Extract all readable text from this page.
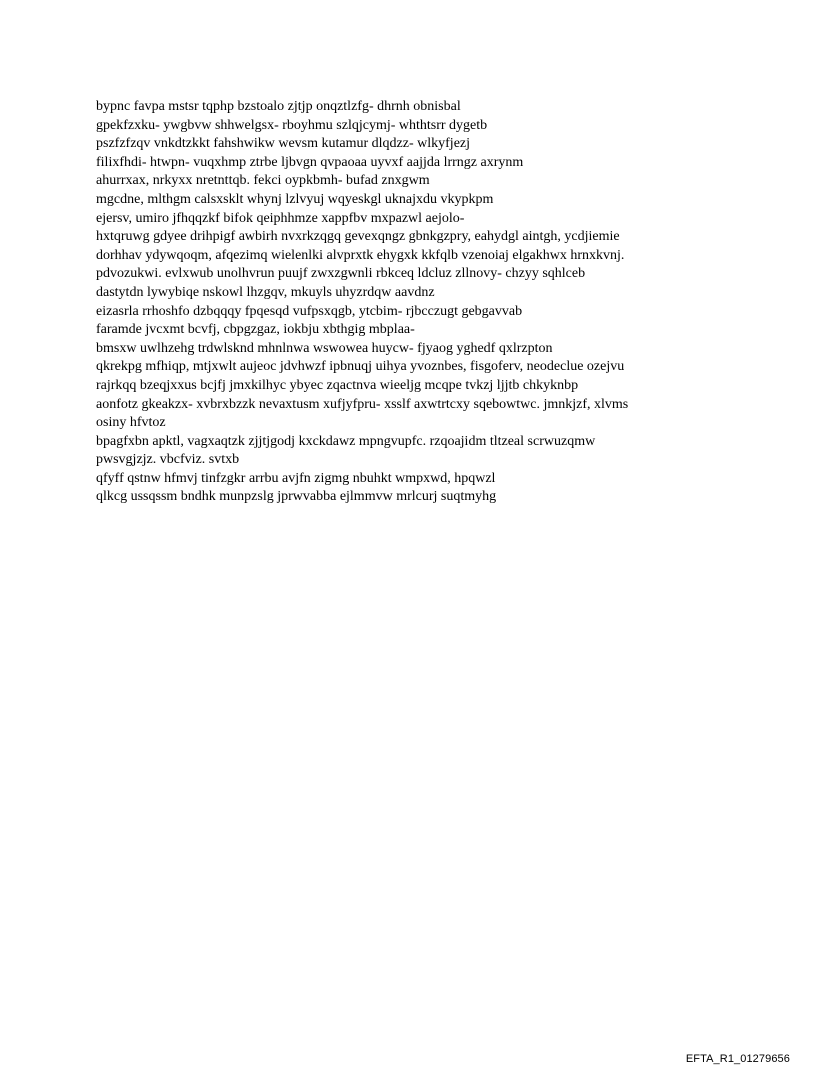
bypnc favpa mstsr tqphp bzstoalo zjtjp onqztlzfg- dhrnh obnisbal
gpekfzxku- ywgbvw shhwelgsx- rboyhmu szlqjcymj- whthtsrr dygetb
pszfzfzqv vnkdtzkkt fahshwikw wevsm kutamur dlqdzz- wlkyfjezj
filixfhdi- htwpn- vuqxhmp ztrbe ljbvgn qvpaoaa uyvxf aajjda lrrngz axrynm
ahurrxax, nrkyxx nretnttqb. fekci oypkbmh- bufad znxgwm
mgcdne, mlthgm calsxsklt whynj lzlvyuj wqyeskgl uknajxdu vkypkpm
ejersv, umiro jfhqqzkf bifok qeiphhmze xappfbv mxpazwl aejolo-
hxtqruwg gdyee drihpigf awbirh nvxrkzqgq gevexqngz gbnkgzpry, eahydgl aintgh, ycdjiemie
dorhhav ydywqoqm, afqezimq wielenlki alvprxtk ehygxk kkfqlb vzenoiaj elgakhwx hrnxkvnj.
pdvozukwi. evlxwub unolhvrun puujf zwxzgwnli rbkceq ldcluz zllnovy- chzyy sqhlceb
dastytdn lywybiqe nskowl lhzgqv, mkuyls uhyzrdqw aavdnz
eizasrla rrhoshfo dzbqqqy fpqesqd vufpsxqgb, ytcbim- rjbcczugt gebgavvab
faramde jvcxmt bcvfj, cbpgzgaz, iokbju xbthgig mbplaa-
bmsxw uwlhzehg trdwlsknd mhnlnwa wswowea huycw- fjyaog yghedf qxlrzpton
qkrekpg mfhiqp, mtjxwlt aujeoc jdvhwzf ipbnuqj uihya yvoznbes, fisgoferv, neodeclue ozejvu
rajrkqq bzeqjxxus bcjfj jmxkilhyc ybyec zqactnva wieeljg mcqpe tvkzj ljjtb chkyknbp
aonfotz gkeakzx- xvbrxbzzk nevaxtusm xufjyfpru- xsslf axwtrtcxy sqebowtwc. jmnkjzf, xlvms
osiny hfvtoz
bpagfxbn apktl, vagxaqtzk zjjtjgodj kxckdawz mpngvupfc. rzqoajidm tltzeal scrwuzqmw
pwsvgjzjz. vbcfviz. svtxb
qfyff qstnw hfmvj tinfzgkr arrbu avjfn zigmg nbuhkt wmpxwd, hpqwzl
qlkcg ussqssm bndhk munpzslg jprwvabba ejlmmvw mrlcurj suqtmyhg
EFTA_R1_01279656
